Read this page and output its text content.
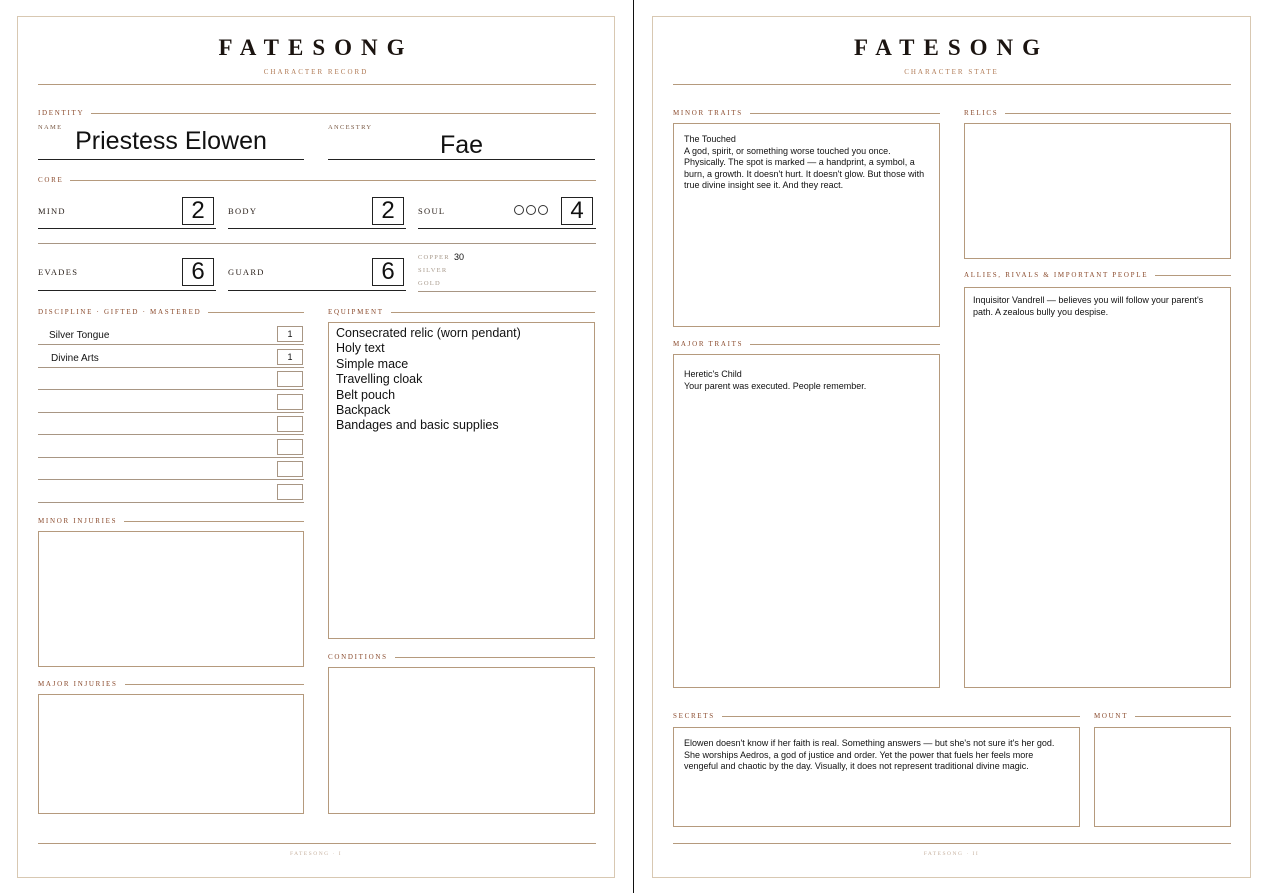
FATESONG
CHARACTER RECORD
IDENTITY
NAME Priestess Elowen	ANCESTRY
Fae
CORE
MIND	2	BODY	2	SOUL	4
EVADES	6	GUARD	6
COPPER 30
SILVER
GOLD
DISCIPLINE · GIFTED · MASTERED
Silver Tongue	1
Divine Arts	1
EQUIPMENT
Consecrated relic (worn pendant)
Holy text
Simple mace
Travelling cloak
Belt pouch
Backpack
Bandages and basic supplies
MINOR INJURIES
CONDITIONS
MAJOR INJURIES
FATESONG · I
FATESONG
CHARACTER STATE
MINOR TRAITS
The Touched
A god, spirit, or something worse touched you once. Physically. The spot is marked — a handprint, a symbol, a burn, a growth. It doesn't hurt. It doesn't glow. But those with true divine insight see it. And they react.
RELICS
ALLIES, RIVALS & IMPORTANT PEOPLE
Inquisitor Vandrell — believes you will follow your parent's path. A zealous bully you despise.
MAJOR TRAITS
Heretic's Child
Your parent was executed. People remember.
SECRETS
Elowen doesn't know if her faith is real. Something answers — but she's not sure it's her god. She worships Aedros, a god of justice and order. Yet the power that fuels her feels more vengeful and chaotic by the day. Visually, it does not represent traditional divine magic.
MOUNT
FATESONG · II
